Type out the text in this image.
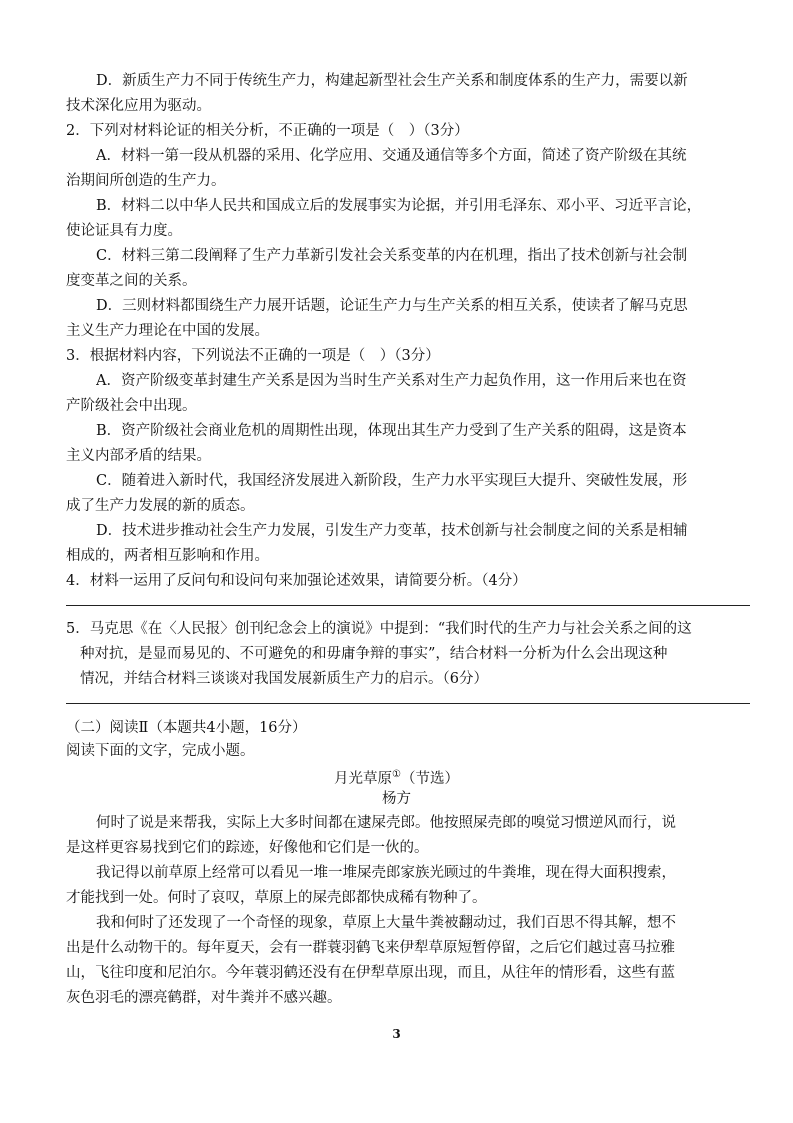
D．新质生产力不同于传统生产力，构建起新型社会生产关系和制度体系的生产力，需要以新
技术深化应用为驱动。
2．下列对材料论证的相关分析，不正确的一项是（　）（3分）
A．材料一第一段从机器的采用、化学应用、交通及通信等多个方面，简述了资产阶级在其统
治期间所创造的生产力。
B．材料二以中华人民共和国成立后的发展事实为论据，并引用毛泽东、邓小平、习近平言论，
使论证具有力度。
C．材料三第二段阐释了生产力革新引发社会关系变革的内在机理，指出了技术创新与社会制
度变革之间的关系。
D．三则材料都围绕生产力展开话题，论证生产力与生产关系的相互关系，使读者了解马克思
主义生产力理论在中国的发展。
3．根据材料内容，下列说法不正确的一项是（　）（3分）
A．资产阶级变革封建生产关系是因为当时生产关系对生产力起负作用，这一作用后来也在资
产阶级社会中出现。
B．资产阶级社会商业危机的周期性出现，体现出其生产力受到了生产关系的阻碍，这是资本
主义内部矛盾的结果。
C．随着进入新时代，我国经济发展进入新阶段，生产力水平实现巨大提升、突破性发展，形
成了生产力发展的新的质态。
D．技术进步推动社会生产力发展，引发生产力变革，技术创新与社会制度之间的关系是相辅
相成的，两者相互影响和作用。
4．材料一运用了反问句和设问句来加强论述效果，请简要分析。（4分）
5．马克思《在〈人民报〉创刊纪念会上的演说》中提到：“我们时代的生产力与社会关系之间的这
种对抗，是显而易见的、不可避免的和毋庸争辩的事实”，结合材料一分析为什么会出现这种
情况，并结合材料三谈谈对我国发展新质生产力的启示。（6分）
（二）阅读Ⅱ（本题共4小题，16分）
阅读下面的文字，完成小题。
月光草原①（节选）
杨方
何时了说是来帮我，实际上大多时间都在逮屎壳郎。他按照屎壳郎的嗅觉习惯逆风而行，说
是这样更容易找到它们的踪迹，好像他和它们是一伙的。
我记得以前草原上经常可以看见一堆一堆屎壳郎家族光顾过的牛粪堆，现在得大面积搜索，
才能找到一处。何时了哀叹，草原上的屎壳郎都快成稀有物种了。
我和何时了还发现了一个奇怪的现象，草原上大量牛粪被翻动过，我们百思不得其解，想不
出是什么动物干的。每年夏天，会有一群蓑羽鹤飞来伊犁草原短暂停留，之后它们越过喜马拉雅
山，飞往印度和尼泊尔。今年蓑羽鹤还没有在伊犁草原出现，而且，从往年的情形看，这些有蓝
灰色羽毛的漂亮鹤群，对牛粪并不感兴趣。
3
